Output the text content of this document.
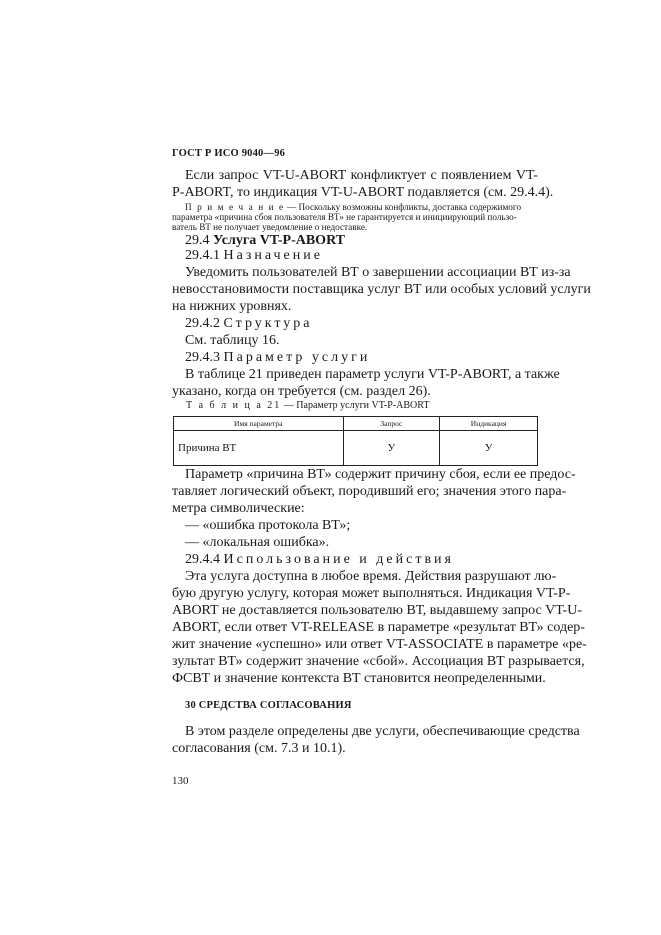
ГОСТ Р ИСО 9040—96
Если запрос VT-U-ABORT конфликтует с появлением VT-
P-ABORT, то индикация VT-U-ABORT подавляется (см. 29.4.4).
П р и м е ч а н и е — Поскольку возможны конфликты, доставка содержимого
параметра «причина сбоя пользователя ВТ» не гарантируется и инициирующий пользо-
ватель ВТ не получает уведомление о недоставке.
29.4 Услуга VT-P-ABORT
29.4.1 Назначение
Уведомить пользователей ВТ о завершении ассоциации ВТ из-за
невосстановимости поставщика услуг ВТ или особых условий услуги
на нижних уровнях.
29.4.2 Структура
См. таблицу 16.
29.4.3 Параметр услуги
Т а б л и ц а 21 — Параметр услуги VT-P-ABORT
Имя параметра	Запрос	Индикация
Причина ВТ	У	У
Параметр «причина ВТ» содержит причину сбоя, если ее предос-
тавляет логический объект, породивший его; значения этого пара-
метра символические:
— «ошибка протокола ВТ»;
— «локальная ошибка».
29.4.4 Использование и действия
Эта услуга доступна в любое время. Действия разрушают лю-
бую другую услугу, которая может выполняться. Индикация VT-P-
ABORT не доставляется пользователю ВТ, выдавшему запрос VT-U-
ABORT, если ответ VT-RELEASE в параметре «результат ВТ» содер-
жит значение «успешно» или ответ VT-ASSOCIATE в параметре «ре-
зультат ВТ» содержит значение «сбой». Ассоциация ВТ разрывается,
ФСВТ и значение контекста ВТ становится неопределенными.
30 СРЕДСТВА СОГЛАСОВАНИЯ
В этом разделе определены две услуги, обеспечивающие средства
согласования (см. 7.3 и 10.1).
130
В таблице 21 приведен параметр услуги VT-P-ABORT, а также
указано, когда он требуется (см. раздел 26).
